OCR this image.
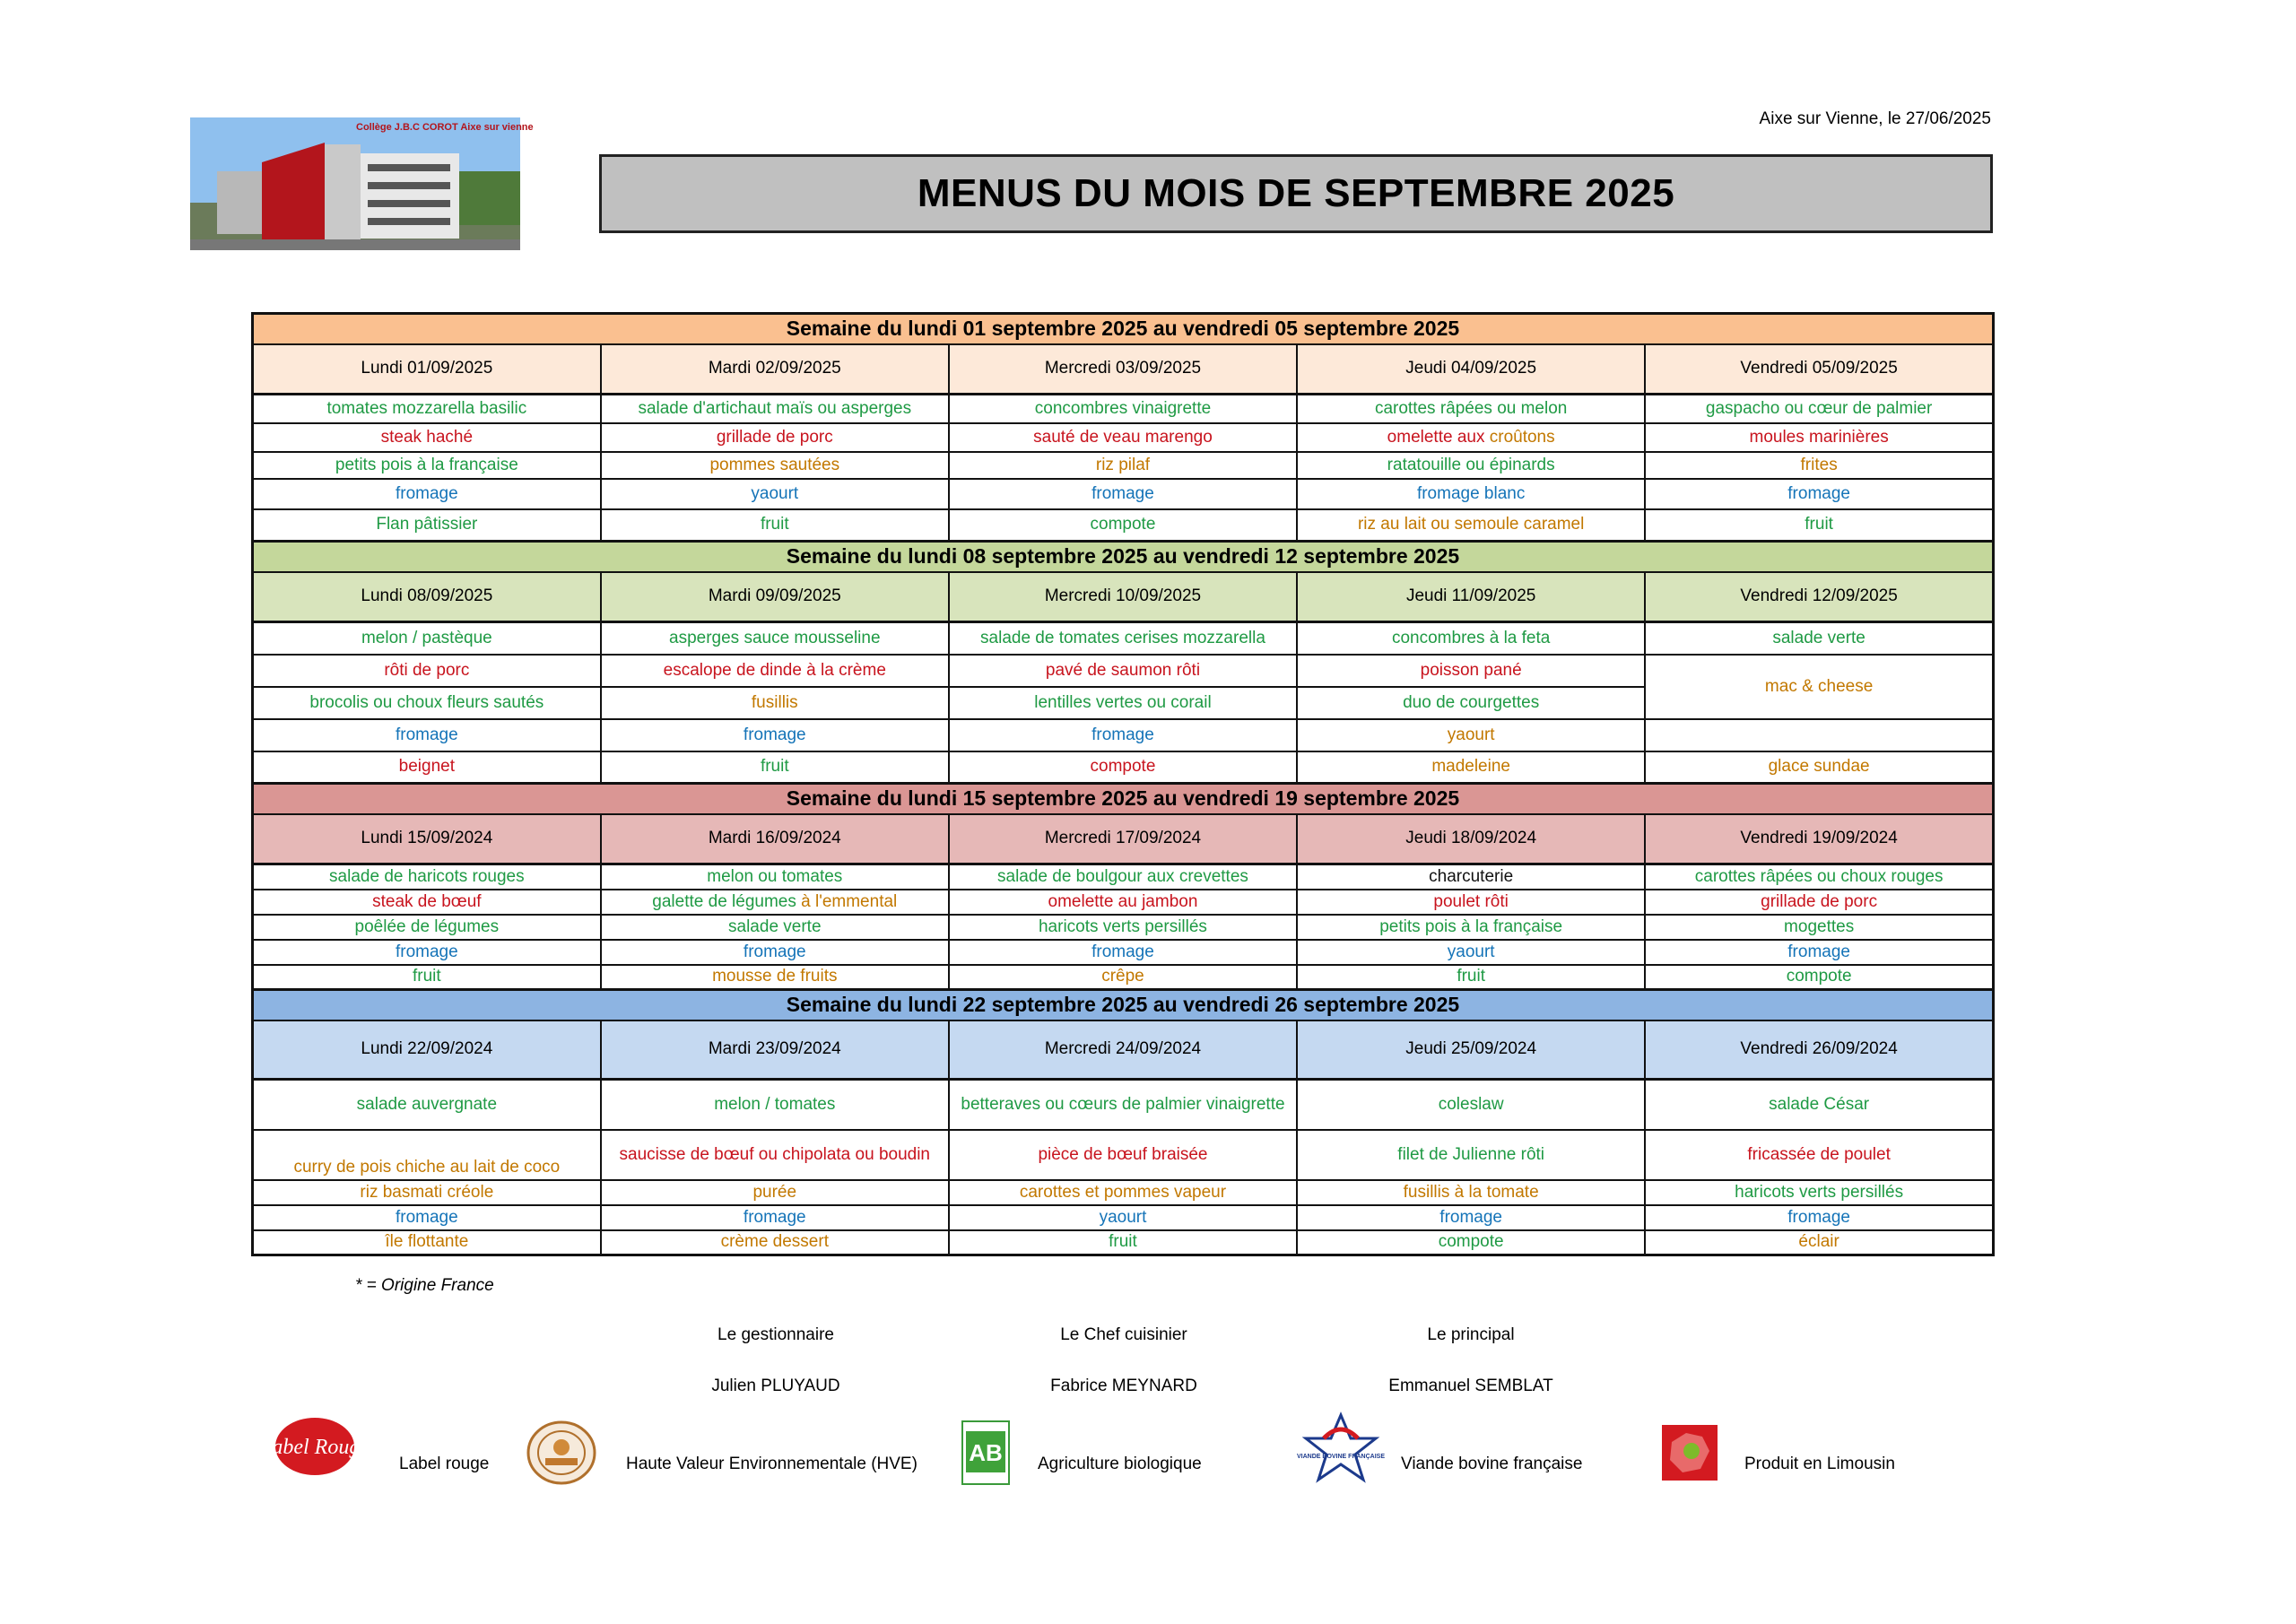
Collège J.B.C COROT Aixe sur vienne	Aixe sur Vienne, le 27/06/2025
MENUS DU MOIS DE SEPTEMBRE 2025
Semaine du lundi 01 septembre 2025 au vendredi 05 septembre 2025				
Lundi 01/09/2025	Mardi 02/09/2025	Mercredi 03/09/2025	Jeudi 04/09/2025	Vendredi 05/09/2025
tomates mozzarella basilic	salade d'artichaut maïs ou asperges	concombres vinaigrette	carottes râpées ou melon	gaspacho ou cœur de palmier
steak haché	grillade de porc	sauté de veau marengo	omelette aux croûtons	moules marinières
petits pois à la française	pommes sautées	riz pilaf	ratatouille ou épinards	frites
fromage	yaourt	fromage	fromage blanc	fromage
Flan pâtissier	fruit	compote	riz au lait ou semoule caramel	fruit
Semaine du lundi 08 septembre 2025 au vendredi 12 septembre 2025				
Lundi 08/09/2025	Mardi 09/09/2025	Mercredi 10/09/2025	Jeudi 11/09/2025	Vendredi 12/09/2025
melon / pastèque	asperges sauce mousseline	salade de tomates cerises mozzarella	concombres à la feta	salade verte
rôti de porc	escalope de dinde à la crème	pavé de saumon rôti	poisson pané	mac & cheese
brocolis ou choux fleurs sautés	fusillis	lentilles vertes ou corail	duo de courgettes	
fromage	fromage	fromage	yaourt	
beignet	fruit	compote	madeleine	glace sundae
Semaine du lundi 15 septembre 2025 au vendredi 19 septembre 2025				
Lundi 15/09/2024	Mardi 16/09/2024	Mercredi 17/09/2024	Jeudi 18/09/2024	Vendredi 19/09/2024
salade de haricots rouges	melon ou tomates	salade de boulgour aux crevettes	charcuterie	carottes râpées ou choux rouges
steak de bœuf	galette de légumes à l'emmental	omelette au jambon	poulet rôti	grillade de porc
poêlée de légumes	salade verte	haricots verts persillés	petits pois à la française	mogettes
fromage	fromage	fromage	yaourt	fromage
fruit	mousse de fruits	crêpe	fruit	compote
Semaine du lundi 22 septembre 2025 au vendredi 26 septembre 2025				
Lundi 22/09/2024	Mardi 23/09/2024	Mercredi 24/09/2024	Jeudi 25/09/2024	Vendredi 26/09/2024
salade auvergnate	melon / tomates	betteraves ou cœurs de palmier vinaigrette	coleslaw	salade César
curry de pois chiche au lait de coco	saucisse de bœuf ou chipolata ou boudin	pièce de bœuf braisée	filet de Julienne rôti	fricassée de poulet
riz basmati créole	purée	carottes et pommes vapeur	fusillis à la tomate	haricots verts persillés
fromage	fromage	yaourt	fromage	fromage
île flottante	crème dessert	fruit	compote	éclair
* = Origine France
Le gestionnaire
Julien PLUYAUD
Le Chef cuisinier
Fabrice MEYNARD
Le principal
Emmanuel SEMBLAT
Label Rouge
Label rouge	Haute Valeur Environnementale (HVE) AB Agriculture biologique	VIANDE BOVINE FRANÇAISE Viande bovine française	Produit en Limousin
